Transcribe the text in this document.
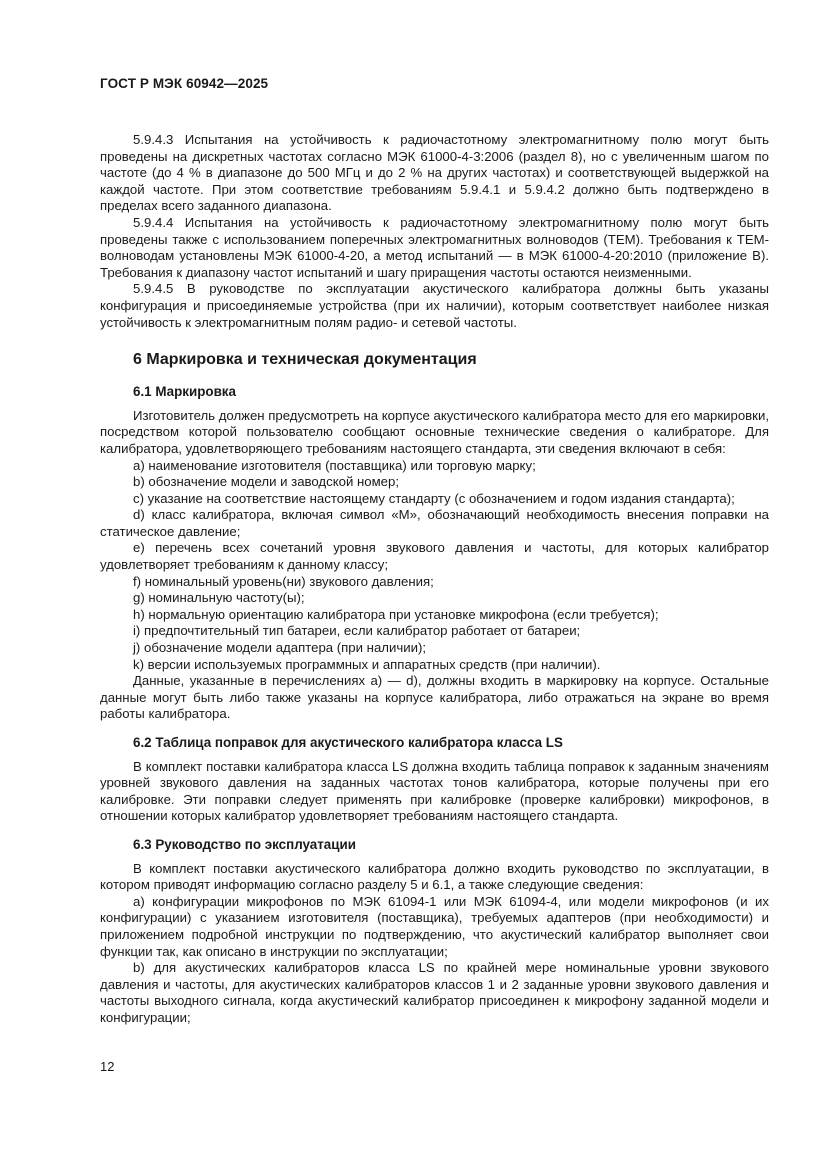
ГОСТ Р МЭК 60942—2025

5.9.4.3 Испытания на устойчивость к радиочастотному электромагнитному полю могут быть проведены на дискретных частотах согласно МЭК 61000-4-3:2006 (раздел 8), но с увеличенным шагом по частоте (до 4 % в диапазоне до 500 МГц и до 2 % на других частотах) и соответствующей выдержкой на каждой частоте. При этом соответствие требованиям 5.9.4.1 и 5.9.4.2 должно быть подтверждено в пределах всего заданного диапазона.

5.9.4.4 Испытания на устойчивость к радиочастотному электромагнитному полю могут быть проведены также с использованием поперечных электромагнитных волноводов (ТЕМ). Требования к ТЕМ-волноводам установлены МЭК 61000-4-20, а метод испытаний — в МЭК 61000-4-20:2010 (приложение В). Требования к диапазону частот испытаний и шагу приращения частоты остаются неизменными.

5.9.4.5 В руководстве по эксплуатации акустического калибратора должны быть указаны конфигурация и присоединяемые устройства (при их наличии), которым соответствует наиболее низкая устойчивость к электромагнитным полям радио- и сетевой частоты.

6 Маркировка и техническая документация
6.1 Маркировка

Изготовитель должен предусмотреть на корпусе акустического калибратора место для его маркировки, посредством которой пользователю сообщают основные технические сведения о калибраторе. Для калибратора, удовлетворяющего требованиям настоящего стандарта, эти сведения включают в себя:

a) наименование изготовителя (поставщика) или торговую марку;

b) обозначение модели и заводской номер;

c) указание на соответствие настоящему стандарту (с обозначением и годом издания стандарта);

d) класс калибратора, включая символ «М», обозначающий необходимость внесения поправки на статическое давление;

e) перечень всех сочетаний уровня звукового давления и частоты, для которых калибратор удовлетворяет требованиям к данному классу;

f) номинальный уровень(ни) звукового давления;

g) номинальную частоту(ы);

h) нормальную ориентацию калибратора при установке микрофона (если требуется);

i) предпочтительный тип батареи, если калибратор работает от батареи;

j) обозначение модели адаптера (при наличии);

k) версии используемых программных и аппаратных средств (при наличии).

Данные, указанные в перечислениях а) — d), должны входить в маркировку на корпусе. Остальные данные могут быть либо также указаны на корпусе калибратора, либо отражаться на экране во время работы калибратора.

6.2 Таблица поправок для акустического калибратора класса LS

В комплект поставки калибратора класса LS должна входить таблица поправок к заданным значениям уровней звукового давления на заданных частотах тонов калибратора, которые получены при его калибровке. Эти поправки следует применять при калибровке (проверке калибровки) микрофонов, в отношении которых калибратор удовлетворяет требованиям настоящего стандарта.

6.3 Руководство по эксплуатации

В комплект поставки акустического калибратора должно входить руководство по эксплуатации, в котором приводят информацию согласно разделу 5 и 6.1, а также следующие сведения:

а) конфигурации микрофонов по МЭК 61094-1 или МЭК 61094-4, или модели микрофонов (и их конфигурации) с указанием изготовителя (поставщика), требуемых адаптеров (при необходимости) и приложением подробной инструкции по подтверждению, что акустический калибратор выполняет свои функции так, как описано в инструкции по эксплуатации;

b) для акустических калибраторов класса LS по крайней мере номинальные уровни звукового давления и частоты, для акустических калибраторов классов 1 и 2 заданные уровни звукового давления и частоты выходного сигнала, когда акустический калибратор присоединен к микрофону заданной модели и конфигурации;

12
